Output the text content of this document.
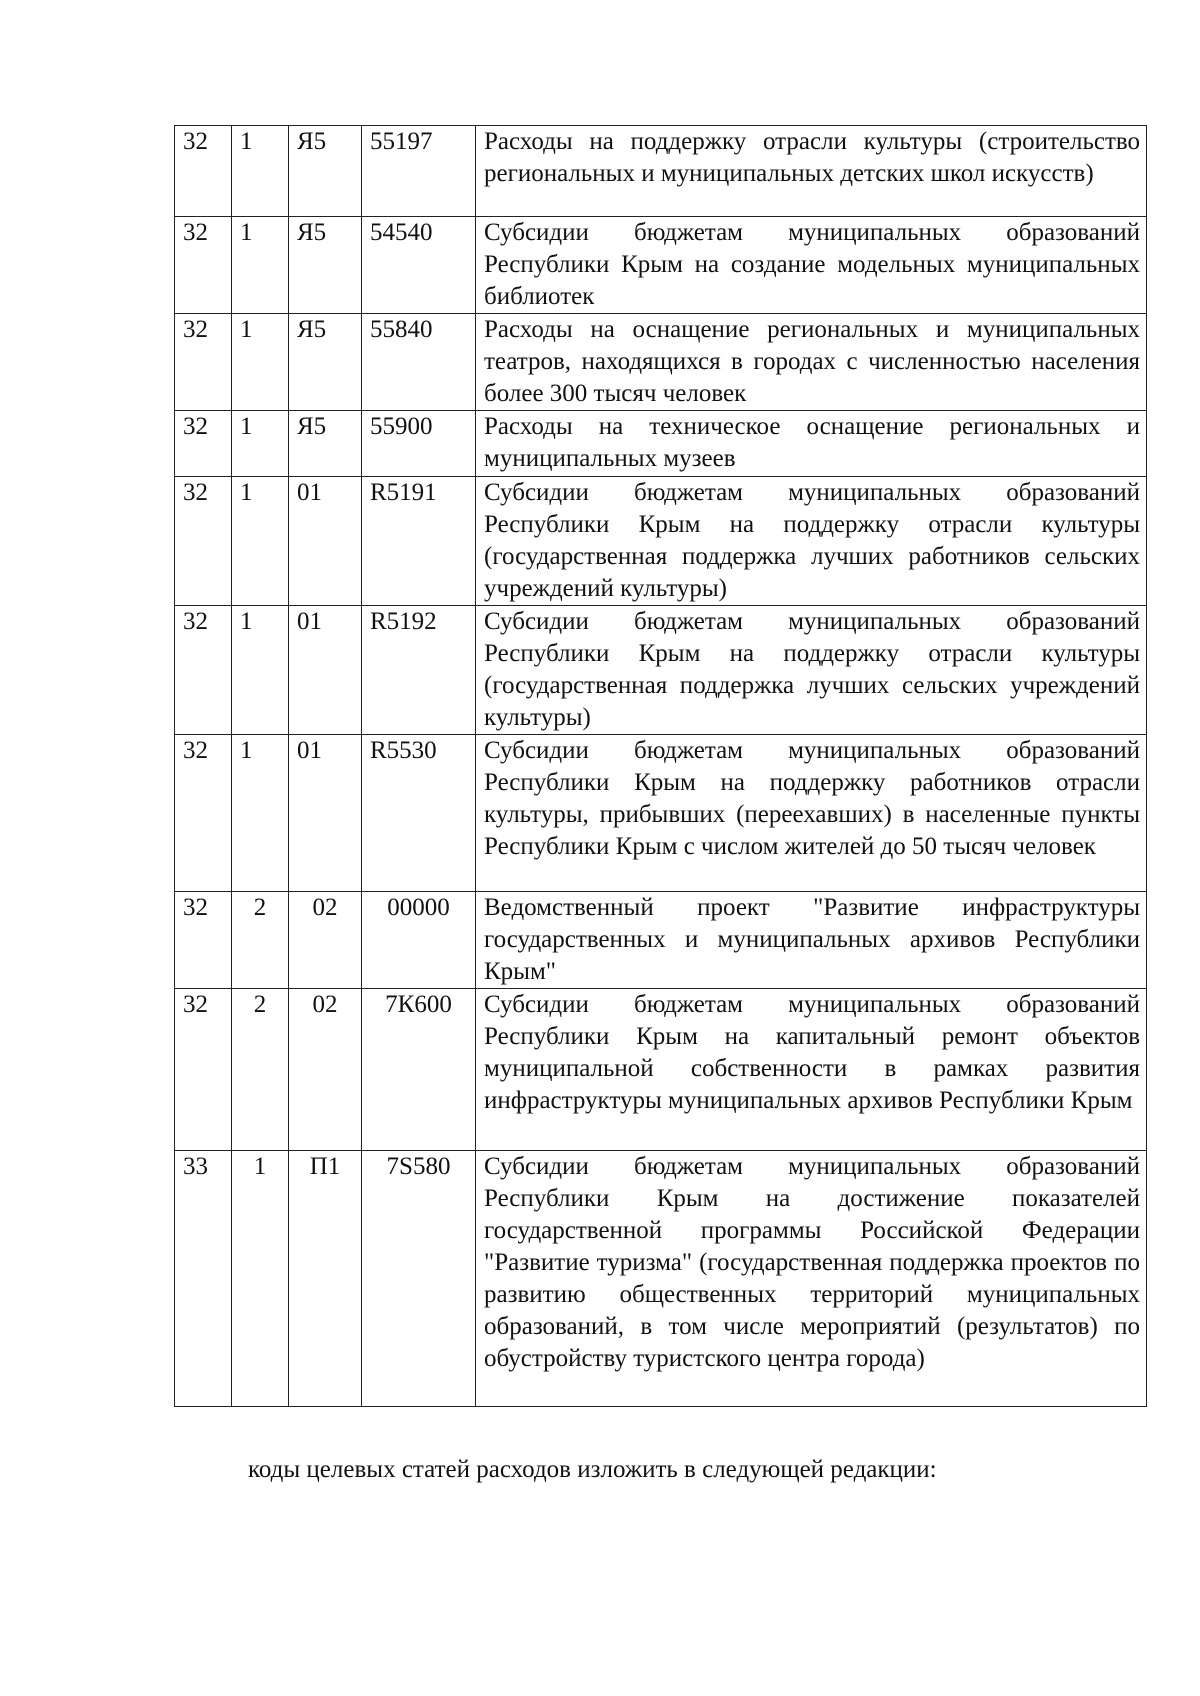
32	1	Я5	55197	Расходы на поддержку отрасли культуры (строительство региональных и муниципальных детских школ искусств)
32	1	Я5	54540	Субсидии бюджетам муниципальных образований Республики Крым на создание модельных муниципальных библиотек
32	1	Я5	55840	Расходы на оснащение региональных и муниципальных театров, находящихся в городах с численностью населения более 300 тысяч человек
32	1	Я5	55900	Расходы на техническое оснащение региональных и муниципальных музеев
32	1	01	R5191	Субсидии бюджетам муниципальных образований Республики Крым на поддержку отрасли культуры (государственная поддержка лучших работников сельских учреждений культуры)
32	1	01	R5192	Субсидии бюджетам муниципальных образований Республики Крым на поддержку отрасли культуры (государственная поддержка лучших сельских учреждений культуры)
32	1	01	R5530	Субсидии бюджетам муниципальных образований Республики Крым на поддержку работников отрасли культуры, прибывших (переехавших) в населенные пункты Республики Крым с числом жителей до 50 тысяч человек
32	2	02	00000	Ведомственный проект "Развитие инфраструктуры государственных и муниципальных архивов Республики Крым"
32	2	02	7К600	Субсидии бюджетам муниципальных образований Республики Крым на капитальный ремонт объектов муниципальной собственности в рамках развития инфраструктуры муниципальных архивов Республики Крым
33	1	П1	7S580	Субсидии бюджетам муниципальных образований Республики Крым на достижение показателей государственной программы Российской Федерации "Развитие туризма" (государственная поддержка проектов по развитию общественных территорий муниципальных образований, в том числе мероприятий (результатов) по обустройству туристского центра города)
коды целевых статей расходов изложить в следующей редакции:
